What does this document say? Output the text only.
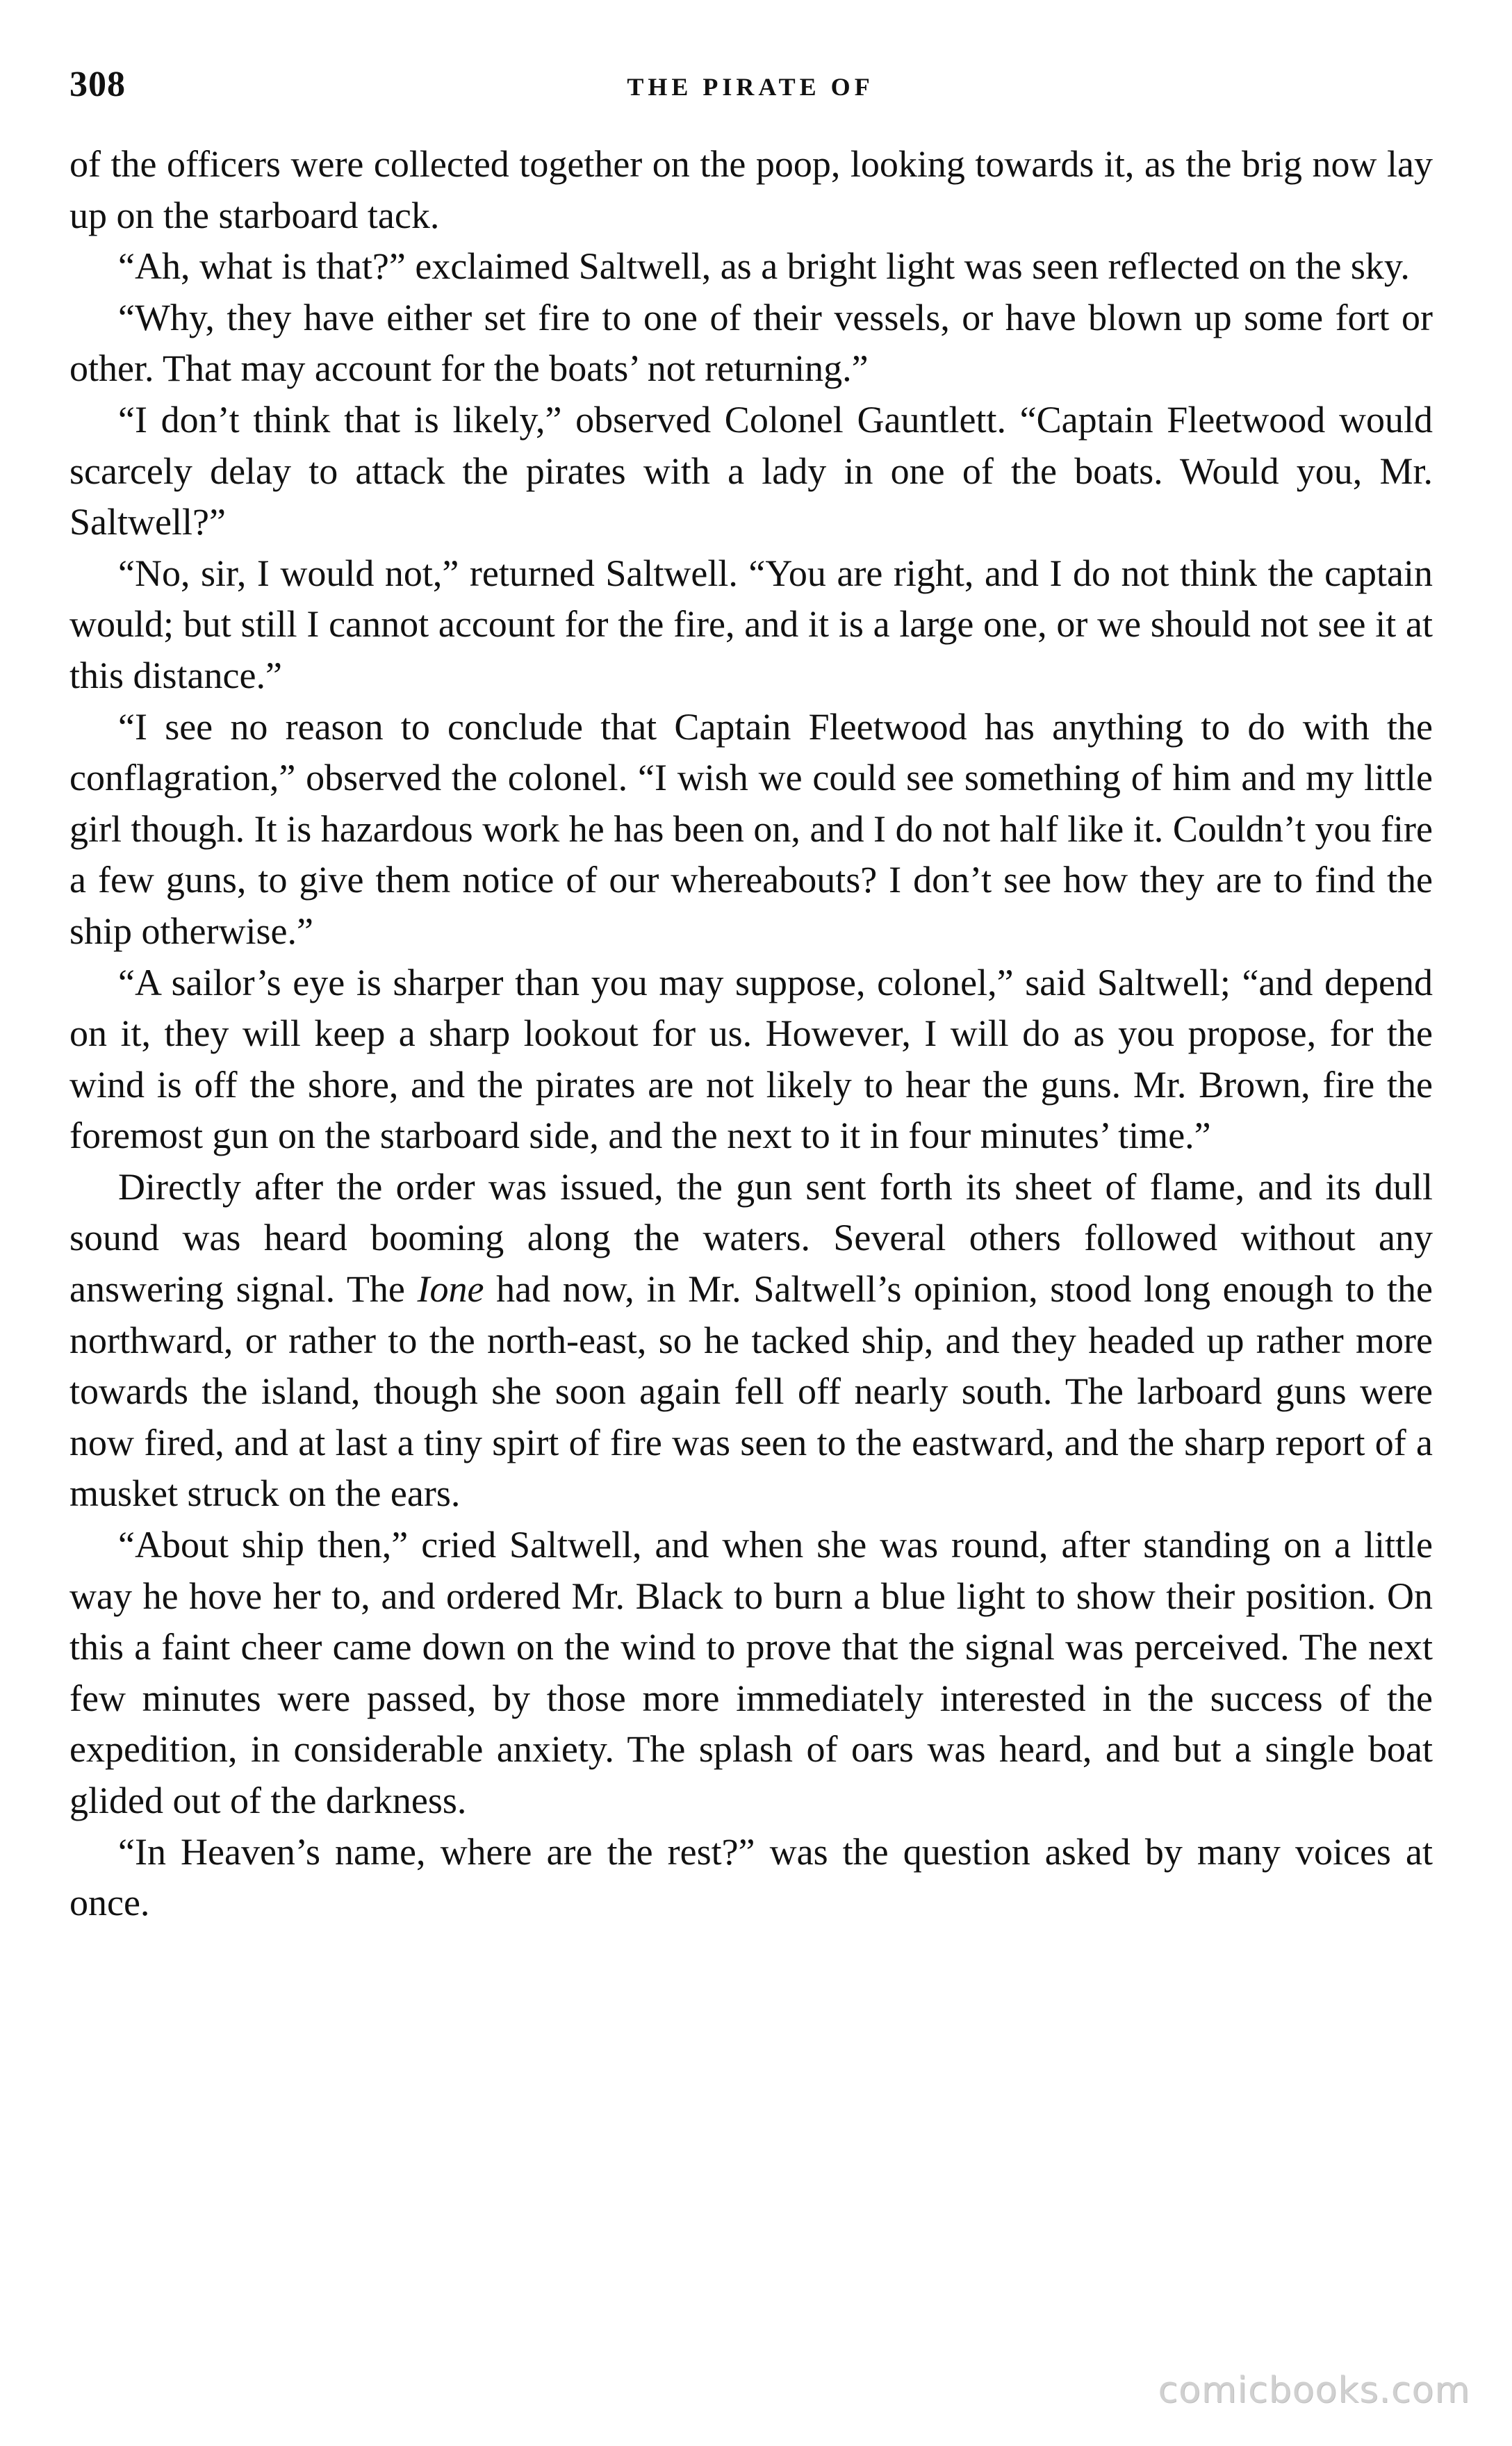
308	THE PIRATE OF

of the officers were collected together on the poop, looking towards it, as the brig now lay up on the starboard tack.

“Ah, what is that?” exclaimed Saltwell, as a bright light was seen reflected on the sky.

“Why, they have either set fire to one of their vessels, or have blown up some fort or other. That may account for the boats’ not returning.”

“I don’t think that is likely,” observed Colonel Gauntlett. “Captain Fleetwood would scarcely delay to attack the pirates with a lady in one of the boats. Would you, Mr. Saltwell?”

“No, sir, I would not,” returned Saltwell. “You are right, and I do not think the captain would; but still I cannot account for the fire, and it is a large one, or we should not see it at this distance.”

“I see no reason to conclude that Captain Fleetwood has anything to do with the conflagration,” observed the colonel. “I wish we could see something of him and my little girl though. It is hazardous work he has been on, and I do not half like it. Couldn’t you fire a few guns, to give them notice of our whereabouts? I don’t see how they are to find the ship otherwise.”

“A sailor’s eye is sharper than you may suppose, colonel,” said Saltwell; “and depend on it, they will keep a sharp lookout for us. However, I will do as you propose, for the wind is off the shore, and the pirates are not likely to hear the guns. Mr. Brown, fire the foremost gun on the starboard side, and the next to it in four minutes’ time.”

Directly after the order was issued, the gun sent forth its sheet of flame, and its dull sound was heard booming along the waters. Several others followed without any answering signal. The Ione had now, in Mr. Saltwell’s opinion, stood long enough to the northward, or rather to the north-east, so he tacked ship, and they headed up rather more towards the island, though she soon again fell off nearly south. The larboard guns were now fired, and at last a tiny spirt of fire was seen to the eastward, and the sharp report of a musket struck on the ears.

“About ship then,” cried Saltwell, and when she was round, after standing on a little way he hove her to, and ordered Mr. Black to burn a blue light to show their position. On this a faint cheer came down on the wind to prove that the signal was perceived. The next few minutes were passed, by those more immediately interested in the success of the expedition, in considerable anxiety. The splash of oars was heard, and but a single boat glided out of the darkness.

“In Heaven’s name, where are the rest?” was the question asked by many voices at once.

comicbooks.com
